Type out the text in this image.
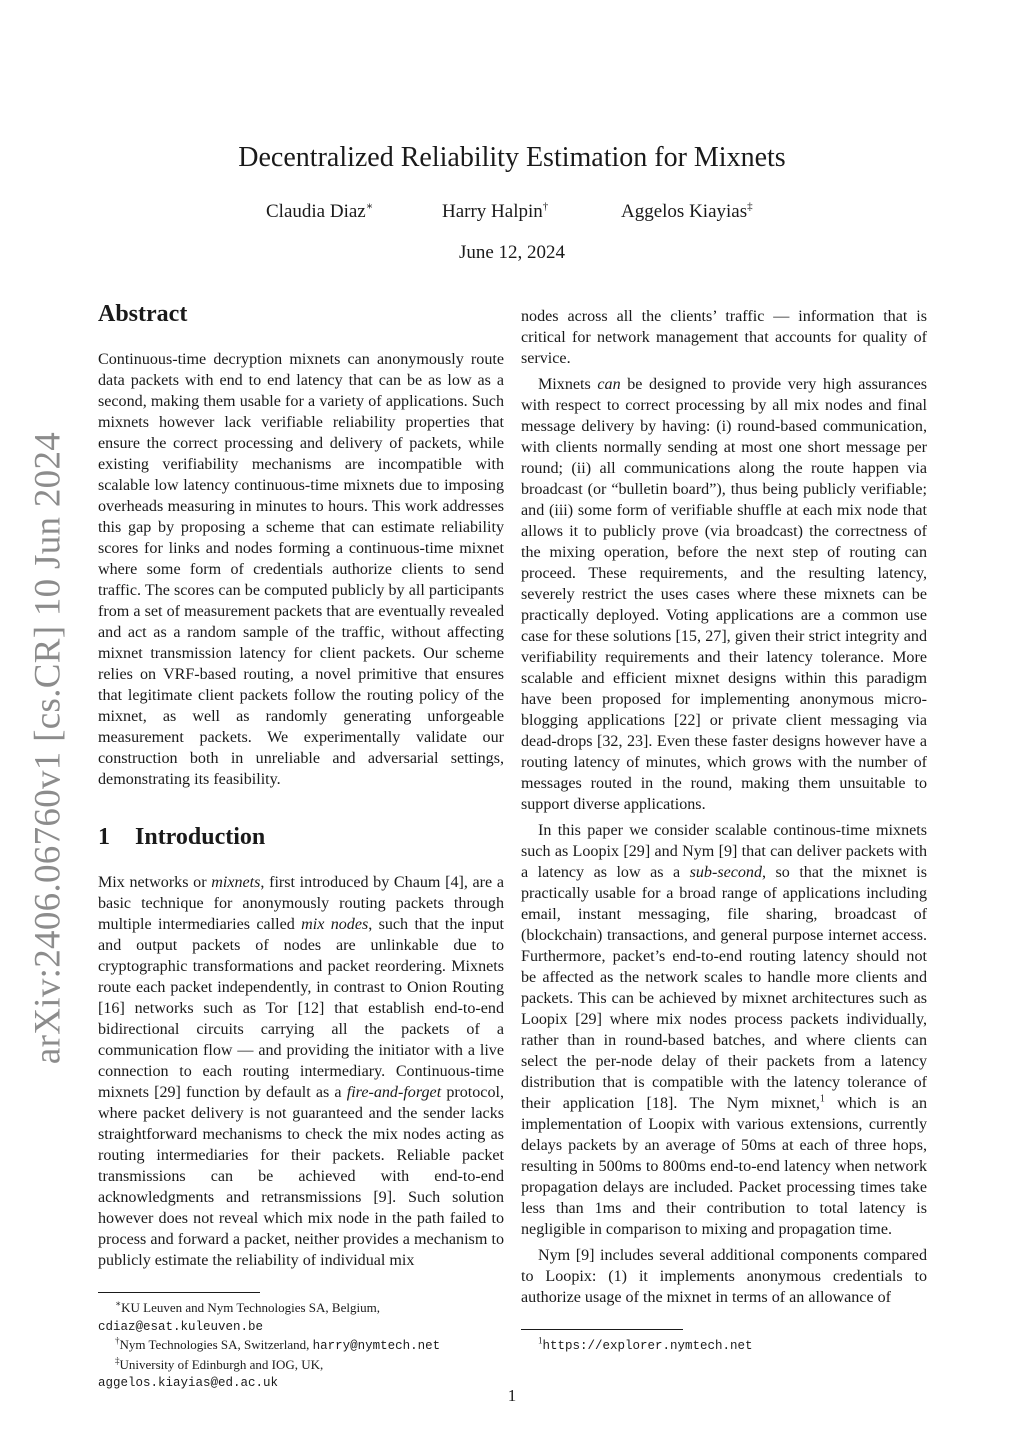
arXiv:2406.06760v1 [cs.CR] 10 Jun 2024
Decentralized Reliability Estimation for Mixnets
Claudia Diaz∗	Harry Halpin†	Aggelos Kiayias‡
June 12, 2024
Abstract

Continuous-time decryption mixnets can anonymously route data packets with end to end latency that can be as low as a second, making them usable for a variety of applications. Such mixnets however lack verifiable reliability properties that ensure the correct processing and delivery of packets, while existing verifiability mechanisms are incompatible with scalable low latency continuous-time mixnets due to imposing overheads measuring in minutes to hours. This work addresses this gap by proposing a scheme that can estimate reliability scores for links and nodes forming a continuous-time mixnet where some form of credentials authorize clients to send traffic. The scores can be computed publicly by all participants from a set of measurement packets that are eventually revealed and act as a random sample of the traffic, without affecting mixnet transmission latency for client packets. Our scheme relies on VRF-based routing, a novel primitive that ensures that legitimate client packets follow the routing policy of the mixnet, as well as randomly generating unforgeable measurement packets. We experimentally validate our construction both in unreliable and adversarial settings, demonstrating its feasibility.

1 Introduction

Mix networks or mixnets, first introduced by Chaum [4], are a basic technique for anonymously routing packets through multiple intermediaries called mix nodes, such that the input and output packets of nodes are unlinkable due to cryptographic transformations and packet reordering. Mixnets route each packet independently, in contrast to Onion Routing [16] networks such as Tor [12] that establish end-to-end bidirectional circuits carrying all the packets of a communication flow — and providing the initiator with a live connection to each routing intermediary. Continuous-time mixnets [29] function by default as a fire-and-forget protocol, where packet delivery is not guaranteed and the sender lacks straightforward mechanisms to check the mix nodes acting as routing intermediaries for their packets. Reliable packet transmissions can be achieved with end-to-end acknowledgments and retransmissions [9]. Such solution however does not reveal which mix node in the path failed to process and forward a packet, neither provides a mechanism to publicly estimate the reliability of individual mix

∗KU Leuven and Nym Technologies SA, Belgium, cdiaz@esat.kuleuven.be

†Nym Technologies SA, Switzerland, harry@nymtech.net

‡University of Edinburgh and IOG, UK, aggelos.kiayias@ed.ac.uk

nodes across all the clients’ traffic — information that is critical for network management that accounts for quality of service.

Mixnets can be designed to provide very high assurances with respect to correct processing by all mix nodes and final message delivery by having: (i) round-based communication, with clients normally sending at most one short message per round; (ii) all communications along the route happen via broadcast (or “bulletin board”), thus being publicly verifiable; and (iii) some form of verifiable shuffle at each mix node that allows it to publicly prove (via broadcast) the correctness of the mixing operation, before the next step of routing can proceed. These requirements, and the resulting latency, severely restrict the uses cases where these mixnets can be practically deployed. Voting applications are a common use case for these solutions [15, 27], given their strict integrity and verifiability requirements and their latency tolerance. More scalable and efficient mixnet designs within this paradigm have been proposed for implementing anonymous micro-blogging applications [22] or private client messaging via dead-drops [32, 23]. Even these faster designs however have a routing latency of minutes, which grows with the number of messages routed in the round, making them unsuitable to support diverse applications.

In this paper we consider scalable continous-time mixnets such as Loopix [29] and Nym [9] that can deliver packets with a latency as low as a sub-second, so that the mixnet is practically usable for a broad range of applications including email, instant messaging, file sharing, broadcast of (blockchain) transactions, and general purpose internet access. Furthermore, packet’s end-to-end routing latency should not be affected as the network scales to handle more clients and packets. This can be achieved by mixnet architectures such as Loopix [29] where mix nodes process packets individually, rather than in round-based batches, and where clients can select the per-node delay of their packets from a latency distribution that is compatible with the latency tolerance of their application [18]. The Nym mixnet,$^1$ which is an implementation of Loopix with various extensions, currently delays packets by an average of 50ms at each of three hops, resulting in 500ms to 800ms end-to-end latency when network propagation delays are included. Packet processing times take less than 1ms and their contribution to total latency is negligible in comparison to mixing and propagation time.

Nym [9] includes several additional components compared to Loopix: (1) it implements anonymous credentials to authorize usage of the mixnet in terms of an allowance of

$^1$https://explorer.nymtech.net

1
